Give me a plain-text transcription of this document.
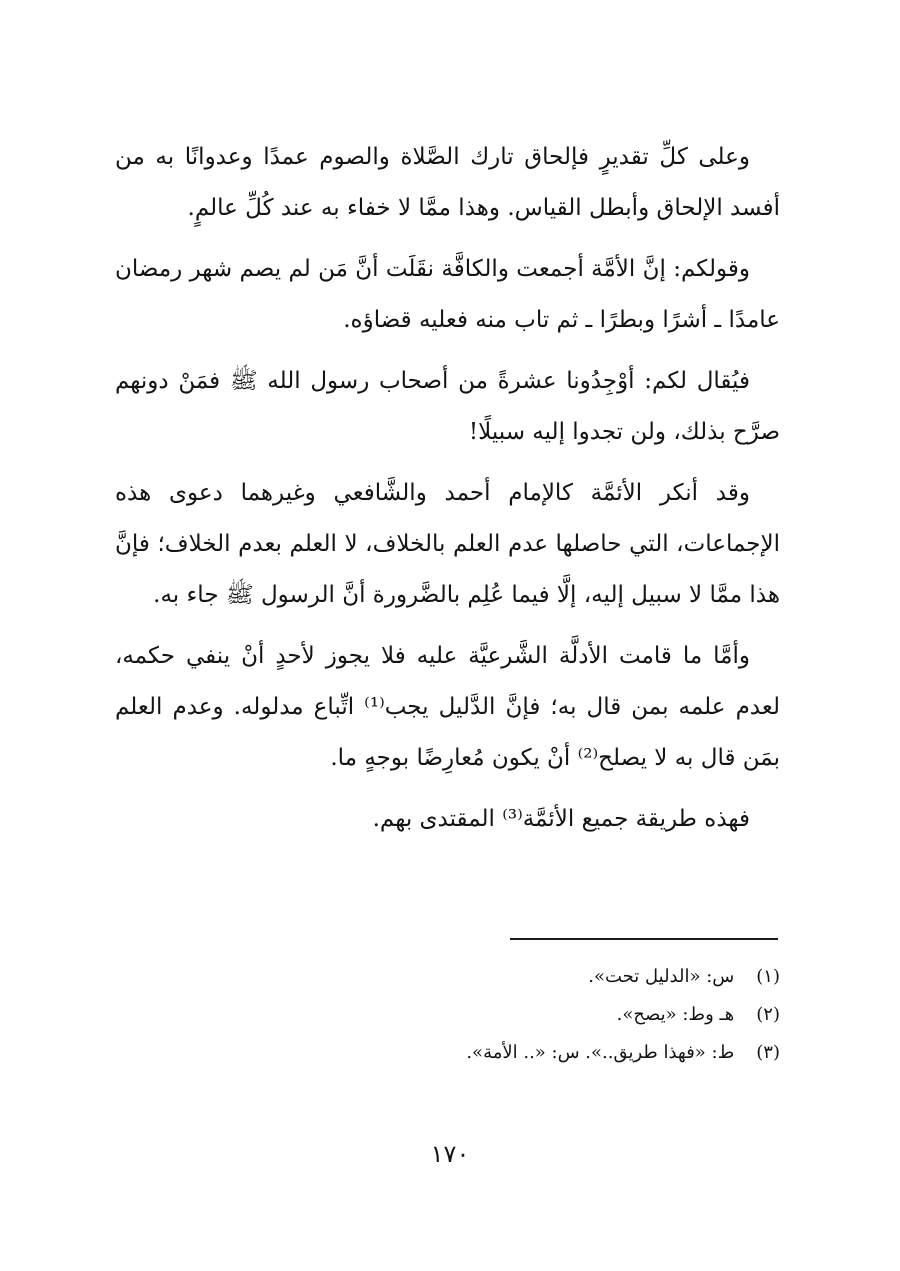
وعلى كلِّ تقديرٍ فإلحاق تارك الصَّلاة والصوم عمدًا وعدوانًا به من أفسد الإلحاق وأبطل القياس. وهذا ممَّا لا خفاء به عند كُلِّ عالمٍ.

وقولكم: إنَّ الأمَّة أجمعت والكافَّة نقَلَت أنَّ مَن لم يصم شهر رمضان عامدًا ـ أشرًا وبطرًا ـ ثم تاب منه فعليه قضاؤه.

فيُقال لكم: أوْجِدُونا عشرةً من أصحاب رسول الله ﷺ فمَنْ دونهم صرَّح بذلك، ولن تجدوا إليه سبيلًا!

وقد أنكر الأئمَّة كالإمام أحمد والشَّافعي وغيرهما دعوى هذه الإجماعات، التي حاصلها عدم العلم بالخلاف، لا العلم بعدم الخلاف؛ فإنَّ هذا ممَّا لا سبيل إليه، إلَّا فيما عُلِم بالضَّرورة أنَّ الرسول ﷺ جاء به.

وأمَّا ما قامت الأدلَّة الشَّرعيَّة عليه فلا يجوز لأحدٍ أنْ ينفي حكمه، لعدم علمه بمن قال به؛ فإنَّ الدَّليل يجب⁽¹⁾ اتِّباع مدلوله. وعدم العلم بمَن قال به لا يصلح⁽²⁾ أنْ يكون مُعارِضًا بوجهٍ ما.

فهذه طريقة جميع الأئمَّة⁽³⁾ المقتدى بهم.

(١) س: «الدليل تحت».

(٢) هـ وط: «يصح».

(٣) ط: «فهذا طريق..». س: «.. الأمة».

١٧٠
